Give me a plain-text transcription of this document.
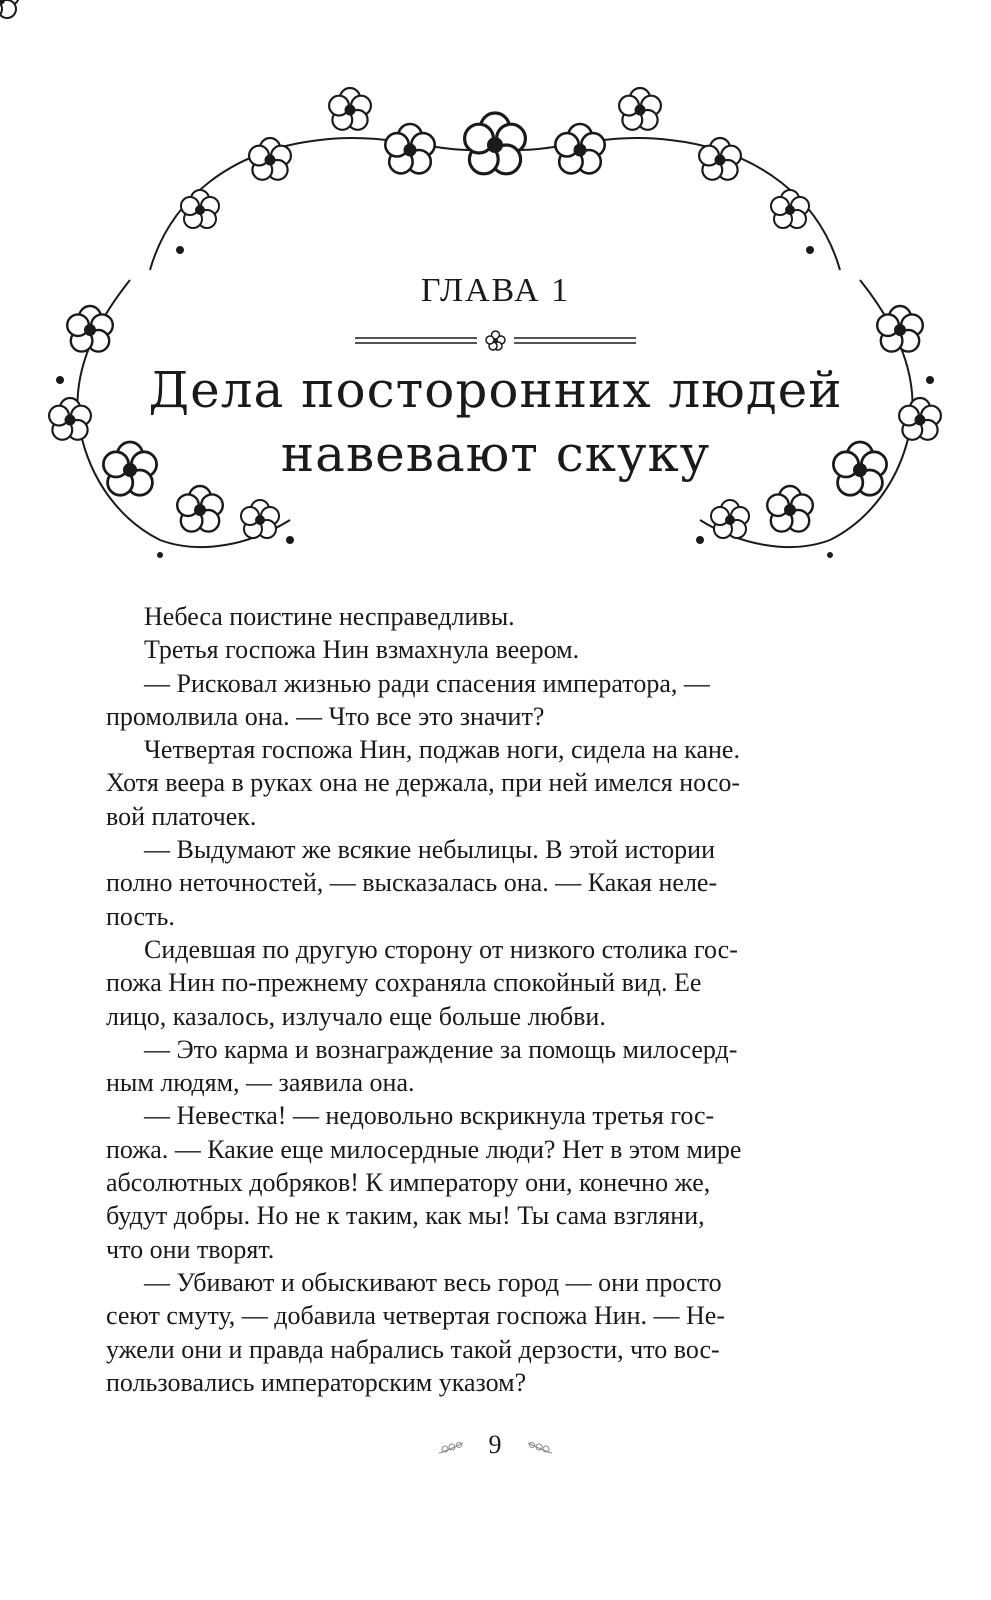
ГЛАВА 1
Дела посторонних людей
навевают скуку

Небеса поистине несправедливы.

Третья госпожа Нин взмахнула веером.

— Рисковал жизнью ради спасения императора, —

промолвила она. — Что все это значит?

Четвертая госпожа Нин, поджав ноги, сидела на кане.

Хотя веера в руках она не держала, при ней имелся носо-

вой платочек.

— Выдумают же всякие небылицы. В этой истории

полно неточностей, — высказалась она. — Какая неле-

пость.

Сидевшая по другую сторону от низкого столика гос-

пожа Нин по-прежнему сохраняла спокойный вид. Ее

лицо, казалось, излучало еще больше любви.

— Это карма и вознаграждение за помощь милосерд-

ным людям, — заявила она.

— Невестка! — недовольно вскрикнула третья гос-

пожа. — Какие еще милосердные люди? Нет в этом мире

абсолютных добряков! К императору они, конечно же,

будут добры. Но не к таким, как мы! Ты сама взгляни,

что они творят.

— Убивают и обыскивают весь город — они просто

сеют смуту, — добавила четвертая госпожа Нин. — Не-

ужели они и правда набрались такой дерзости, что вос-

пользовались императорским указом?

9
